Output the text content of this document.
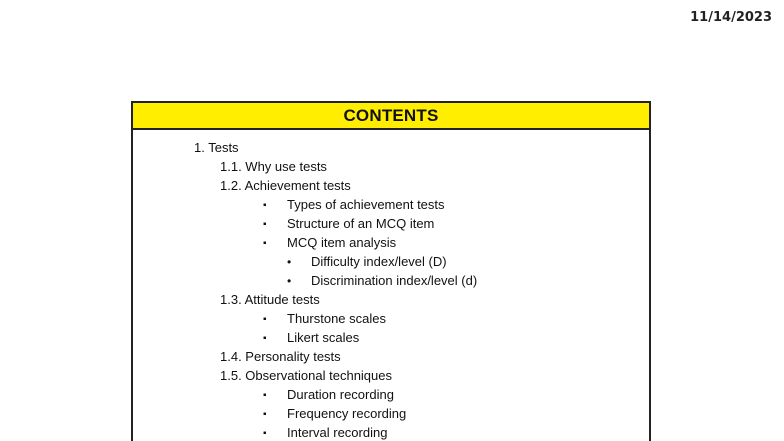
11/14/2023
CONTENTS
1. Tests
1.1. Why use tests
1.2. Achievement tests
▪ Types of achievement tests
▪ Structure of an MCQ item
▪ MCQ item analysis
• Difficulty index/level (D)
• Discrimination index/level (d)
1.3. Attitude tests
▪ Thurstone scales
▪ Likert scales
1.4. Personality tests
1.5. Observational techniques
▪ Duration recording
▪ Frequency recording
▪ Interval recording
